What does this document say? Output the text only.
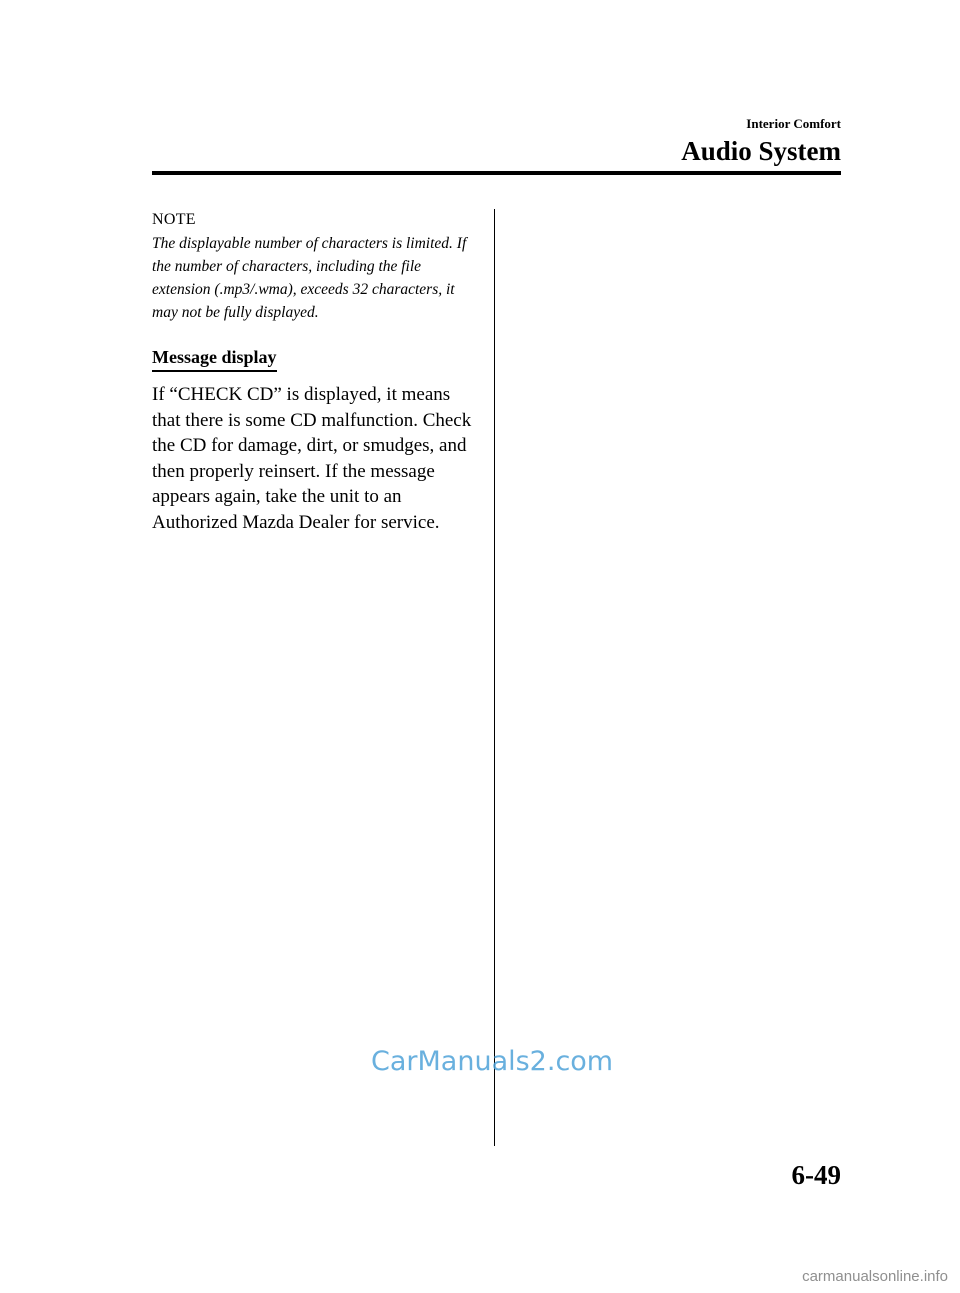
Interior Comfort

Audio System

NOTE

The displayable number of characters is limited. If the number of characters, including the file extension (.mp3/.wma), exceeds 32 characters, it may not be fully displayed.

Message display

If “CHECK CD” is displayed, it means that there is some CD malfunction. Check the CD for damage, dirt, or smudges, and then properly reinsert. If the message appears again, take the unit to an Authorized Mazda Dealer for service.

CarManuals2.com

6-49

carmanualsonline.info
